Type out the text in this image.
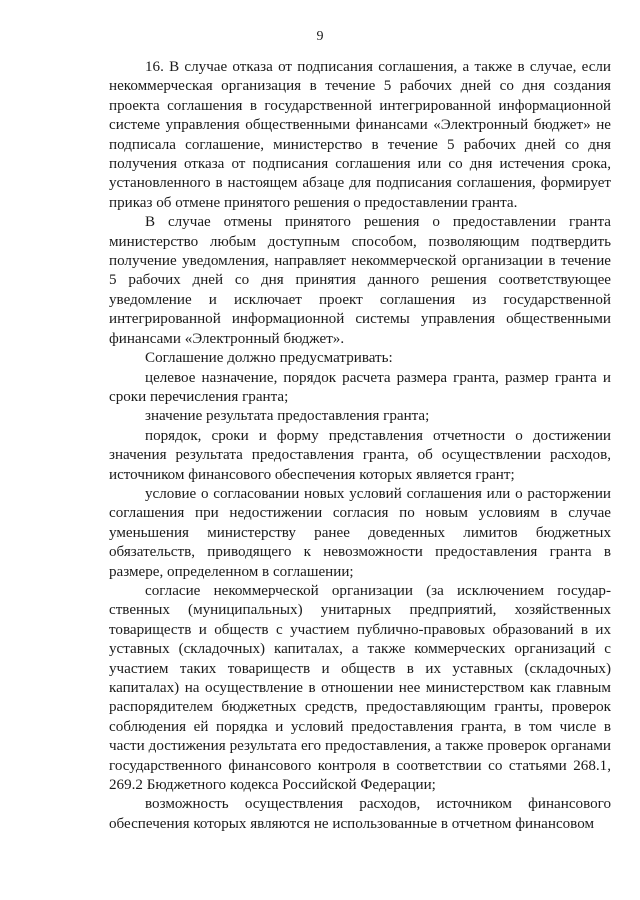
9

16. В случае отказа от подписания соглашения, а также в случае, если некоммерческая организация в течение 5 рабочих дней со дня создания проекта соглашения в государственной интегрированной информационной системе управления общественными финансами «Электронный бюджет» не подписала соглашение, министерство в течение 5 рабочих дней со дня получения отказа от подписания соглашения или со дня истечения срока, установленного в настоящем абзаце для подписания соглашения, формирует приказ об отмене принятого решения о предоставлении гранта.

В случае отмены принятого решения о предоставлении гранта министерство любым доступным способом, позволяющим подтвердить получение уведомления, направляет некоммерческой организации в течение 5 рабочих дней со дня принятия данного решения соответствующее уведомление и исключает проект соглашения из государственной интегрированной информационной системы управления общественными финансами «Электронный бюджет».

Соглашение должно предусматривать:

целевое назначение, порядок расчета размера гранта, размер гранта и сроки перечисления гранта;

значение результата предоставления гранта;

порядок, сроки и форму представления отчетности о достижении значения результата предоставления гранта, об осуществлении расходов, источником финансового обеспечения которых является грант;

условие о согласовании новых условий соглашения или о расторжении соглашения при недостижении согласия по новым условиям в случае уменьшения министерству ранее доведенных лимитов бюджетных обязательств, приводящего к невозможности предоставления гранта в размере, определенном в соглашении;

согласие некоммерческой организации (за исключением государственных (муниципальных) унитарных предприятий, хозяйственных товариществ и обществ с участием публично-правовых образований в их уставных (складочных) капиталах, а также коммерческих организаций с участием таких товариществ и обществ в их уставных (складочных) капиталах) на осуществление в отношении нее министерством как главным распорядителем бюджетных средств, предоставляющим гранты, проверок соблюдения ей порядка и условий предоставления гранта, в том числе в части достижения результата его предоставления, а также проверок органами государственного финансового контроля в соответствии со статьями 268.1, 269.2 Бюджетного кодекса Российской Федерации;

возможность осуществления расходов, источником финансового обеспечения которых являются не использованные в отчетном финансовом
